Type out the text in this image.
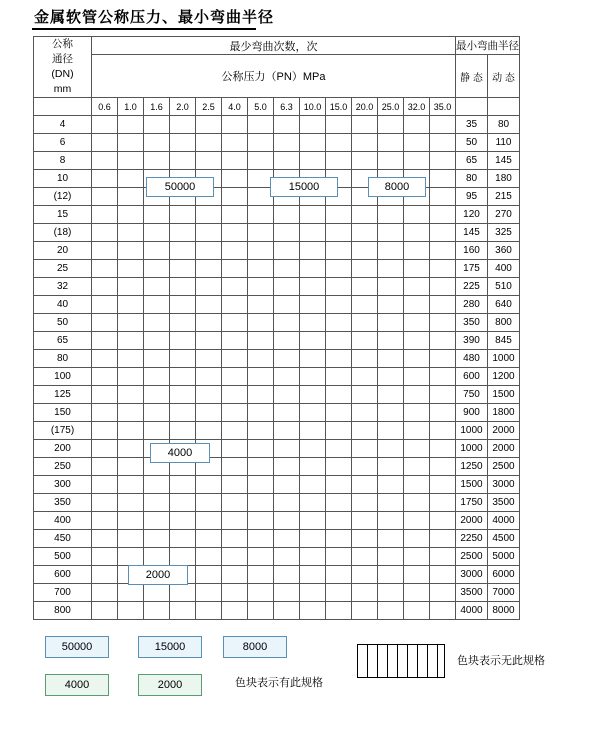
金属软管公称压力、最小弯曲半径
公称
通径
(DN)
mm	最少弯曲次数，次														最小弯曲半径	
	公称压力（PN）MPa														静 态	动 态

	0.6	1.0	1.6	2.0	2.5	4.0	5.0	6.3	10.0	15.0	20.0	25.0	32.0	35.0		
4															35	80
6															50	110
8															65	145
10															80	180
(12)															95	215
15															120	270
(18)															145	325
20															160	360
25															175	400
32															225	510
40															280	640
50															350	800
65															390	845
80															480	1000
100															600	1200
125															750	1500
150															900	1800
(175)															1000	2000
200															1000	2000
250															1250	2500
300															1500	3000
350															1750	3500
400															2000	4000
450															2250	4500
500															2500	5000
600															3000	6000
700															3500	7000
800															4000	8000
50000	15000	8000
4000
2000
50000	15000	8000
4000	2000	色块表示有此规格
色块表示无此规格
